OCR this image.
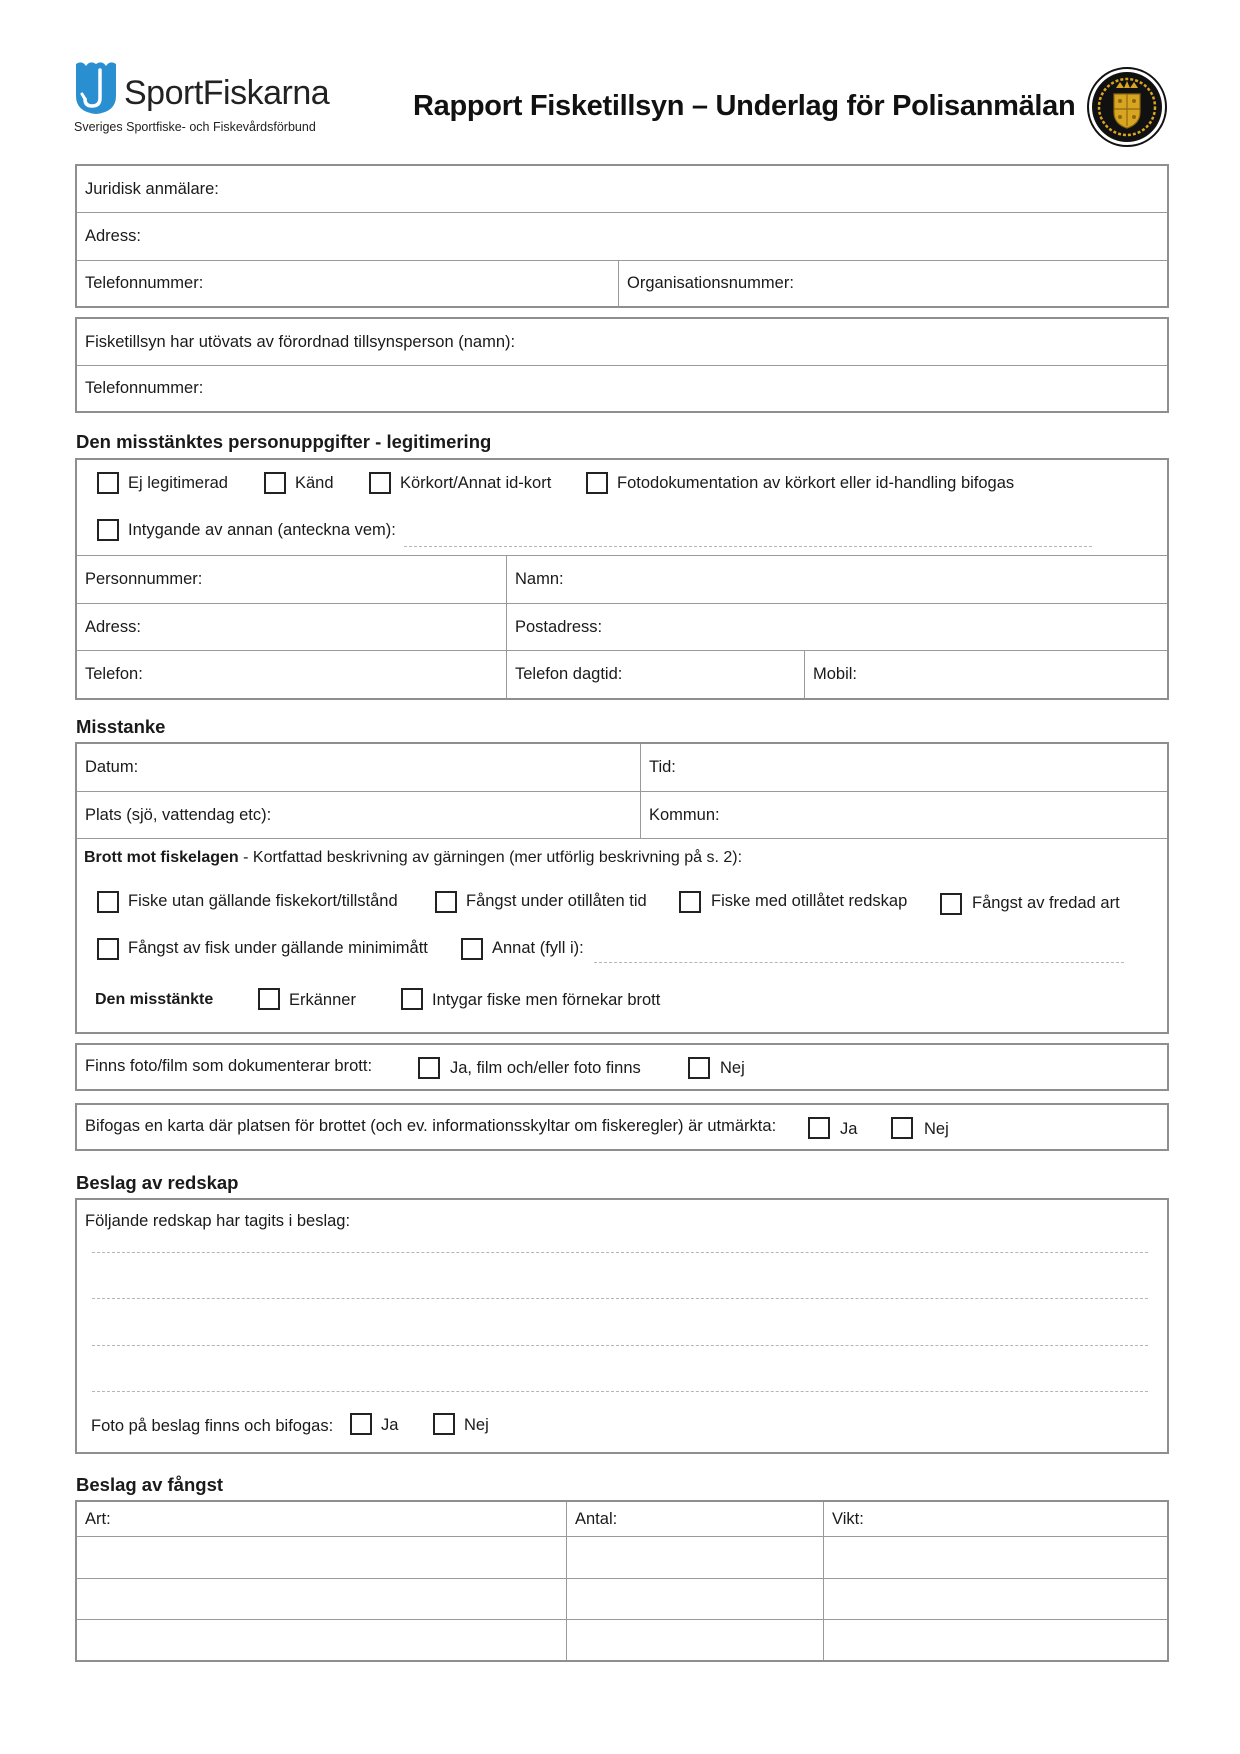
SportFiskarna
Sveriges Sportfiske- och Fiskevårdsförbund
Rapport Fisketillsyn – Underlag för Polisanmälan
Juridisk anmälare:
Adress:
Telefonnummer:	Organisationsnummer:
Fisketillsyn har utövats av förordnad tillsynsperson (namn):
Telefonnummer:
Den misstänktes personuppgifter - legitimering
Personnummer:	Namn:
Adress:	Postadress:
Telefon:	Telefon dagtid:	Mobil:
Ej legitimerad	Känd	Körkort/Annat id-kort	Fotodokumentation av körkort eller id-handling bifogas
Intygande av annan (anteckna vem):
Misstanke
Datum:	Tid:
Plats (sjö, vattendag etc):	Kommun:
Brott mot fiskelagen - Kortfattad beskrivning av gärningen (mer utförlig beskrivning på s. 2):
Fiske utan gällande fiskekort/tillstånd	Fångst under otillåten tid	Fiske med otillåtet redskap	Fångst av fredad art
Fångst av fisk under gällande minimimått	Annat (fyll i):
Den misstänkte	Erkänner	Intygar fiske men förnekar brott
Finns foto/film som dokumenterar brott:	Ja, film och/eller foto finns	Nej
Bifogas en karta där platsen för brottet (och ev. informationsskyltar om fiskeregler) är utmärkta:	Ja	Nej
Beslag av redskap
Följande redskap har tagits i beslag:
Foto på beslag finns och bifogas:	Ja	Nej
Beslag av fångst
Art:	Antal:	Vikt:
